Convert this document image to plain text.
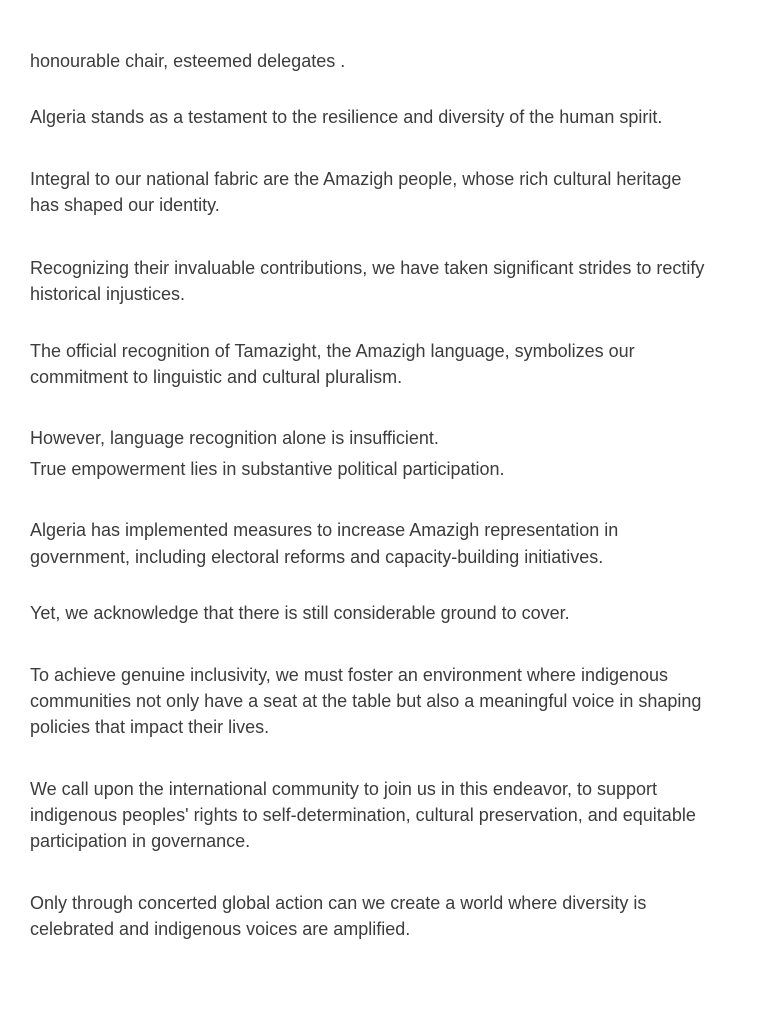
honourable chair, esteemed delegates .

Algeria stands as a testament to the resilience and diversity of the human spirit.

Integral to our national fabric are the Amazigh people, whose rich cultural heritage

has shaped our identity.

Recognizing their invaluable contributions, we have taken significant strides to rectify

historical injustices.

The official recognition of Tamazight, the Amazigh language, symbolizes our

commitment to linguistic and cultural pluralism.

However, language recognition alone is insufficient.

True empowerment lies in substantive political participation.

Algeria has implemented measures to increase Amazigh representation in

government, including electoral reforms and capacity-building initiatives.

Yet, we acknowledge that there is still considerable ground to cover.

To achieve genuine inclusivity, we must foster an environment where indigenous

communities not only have a seat at the table but also a meaningful voice in shaping

policies that impact their lives.

We call upon the international community to join us in this endeavor, to support

indigenous peoples' rights to self-determination, cultural preservation, and equitable

participation in governance.

Only through concerted global action can we create a world where diversity is

celebrated and indigenous voices are amplified.
